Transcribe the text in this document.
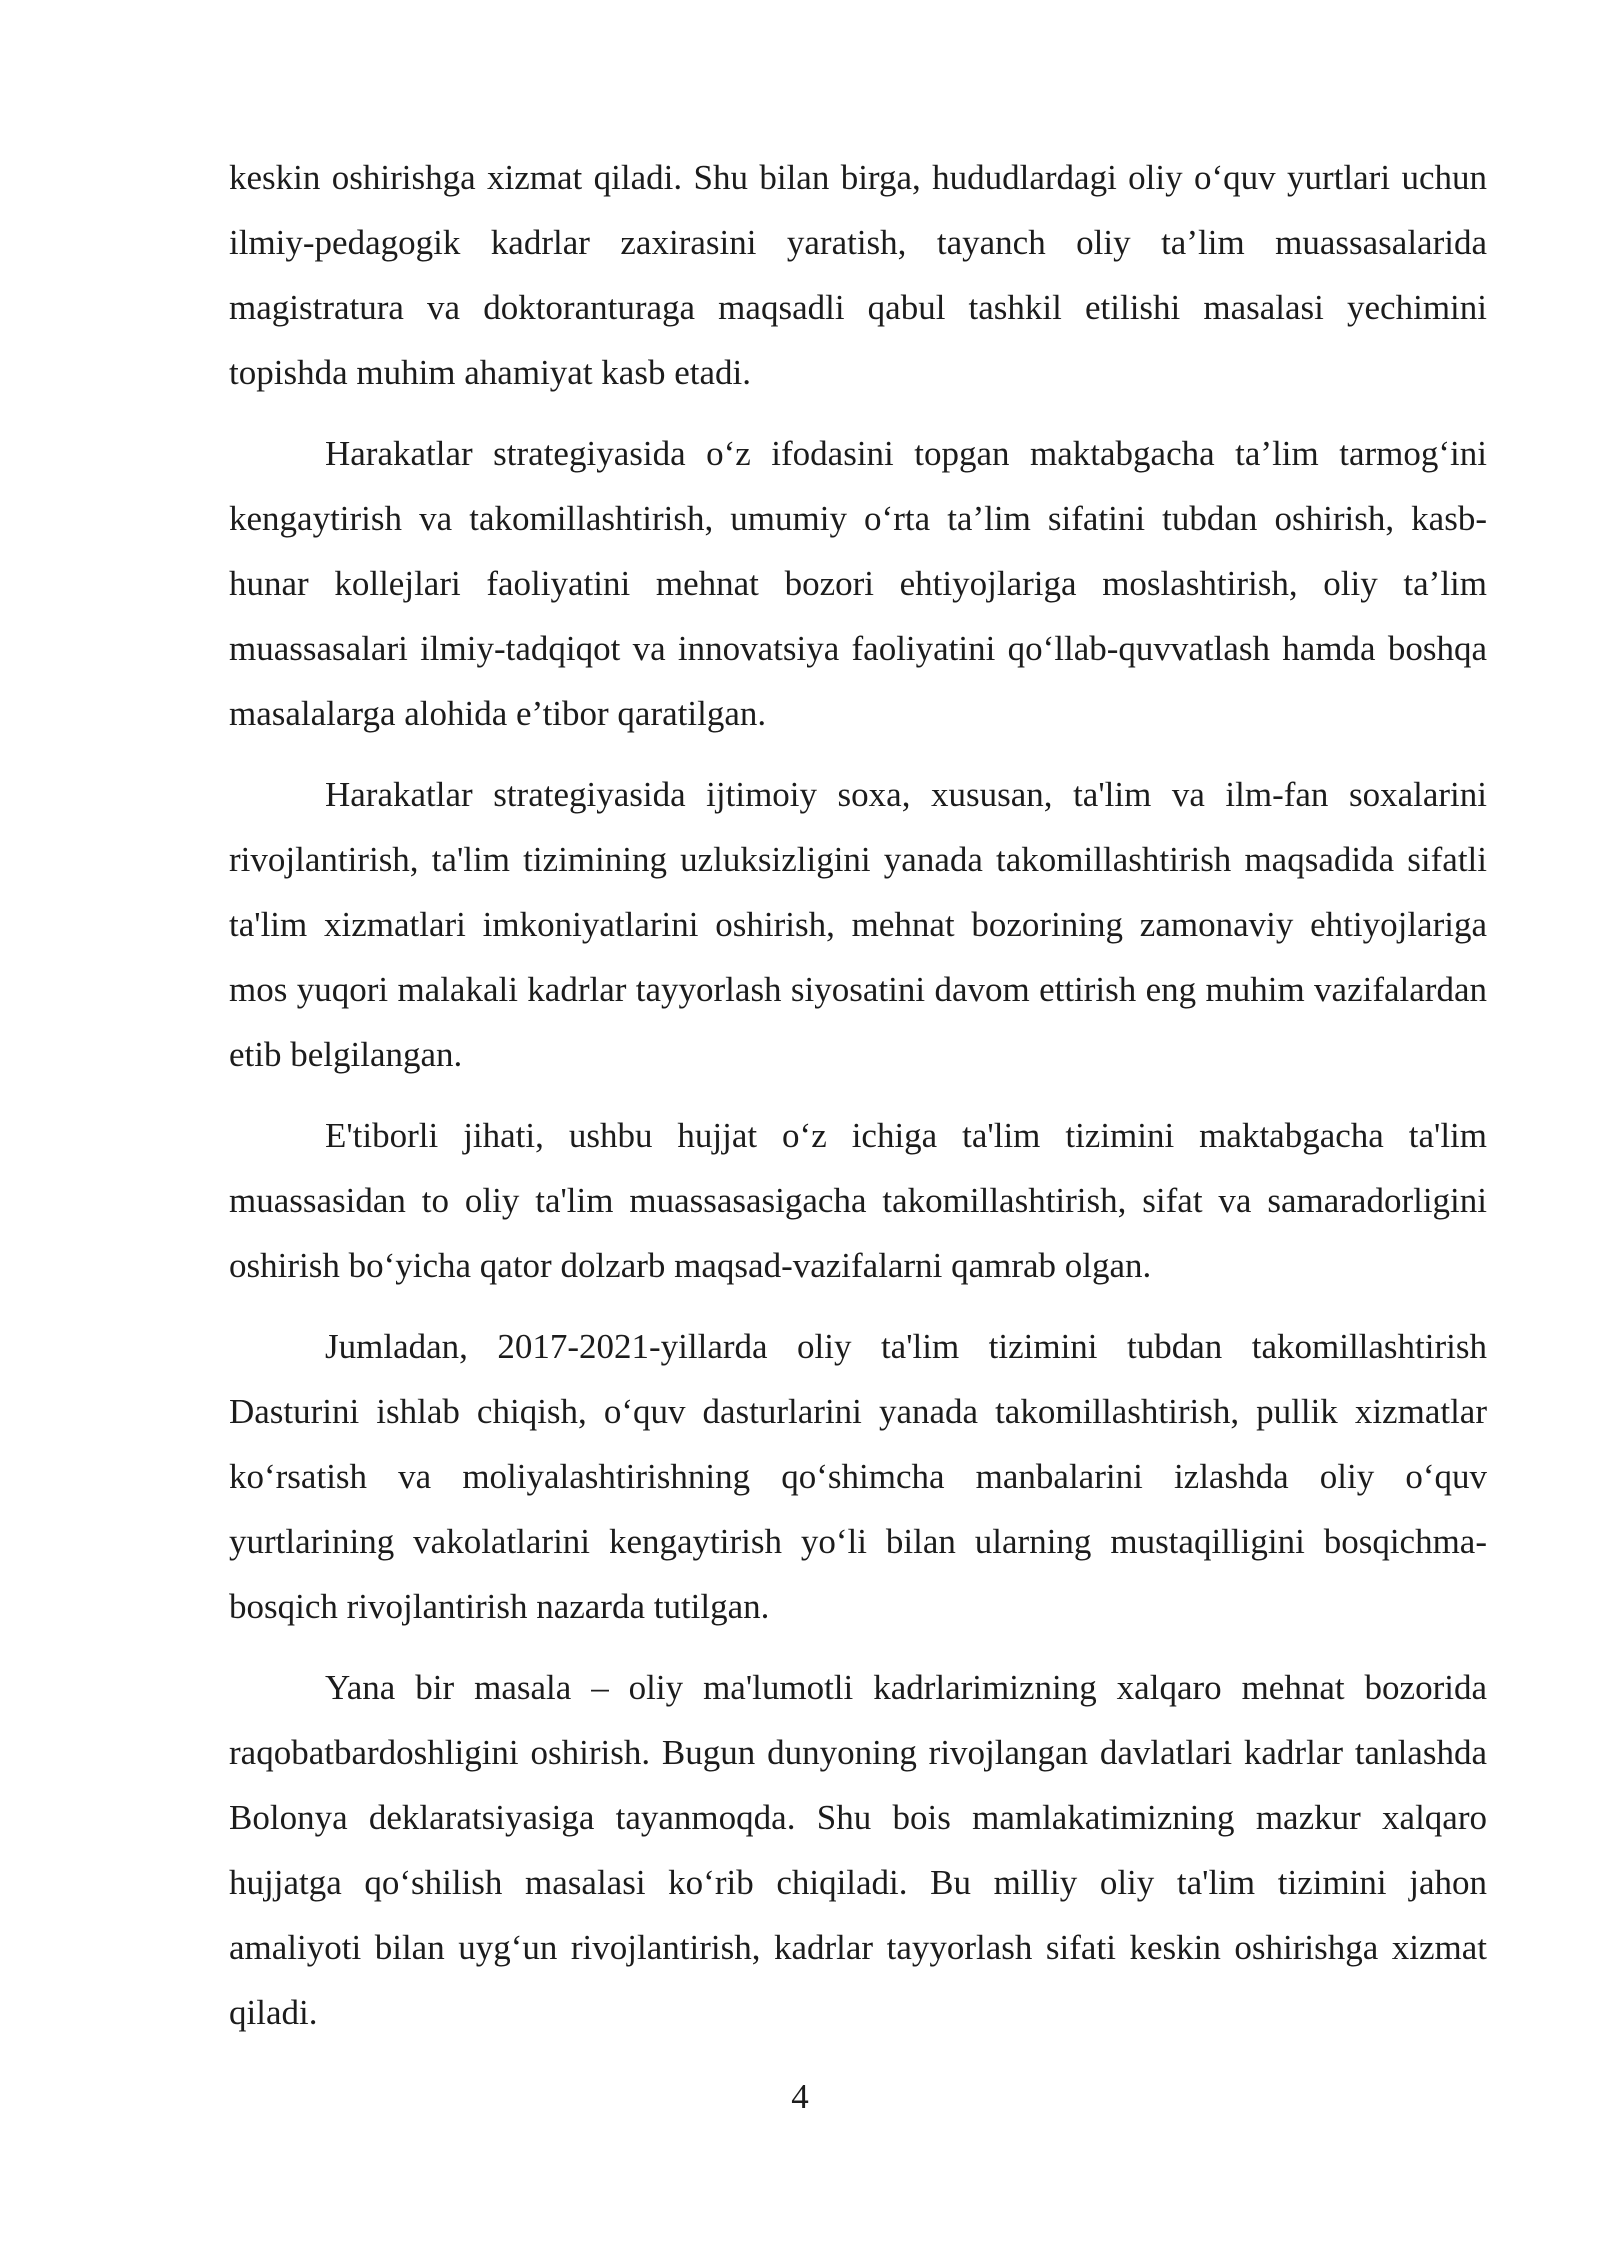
keskin oshirishga xizmat qiladi. Shu bilan birga, hududlardagi oliy o‘quv yurtlari uchun ilmiy-pedagogik kadrlar zaxirasini yaratish, tayanch oliy ta’lim muassasalarida magistratura va doktoranturaga maqsadli qabul tashkil etilishi masalasi yechimini topishda muhim ahamiyat kasb etadi.

Harakatlar strategiyasida o‘z ifodasini topgan maktabgacha ta’lim tarmog‘ini kengaytirish va takomillashtirish, umumiy o‘rta ta’lim sifatini tubdan oshirish, kasb-hunar kollejlari faoliyatini mehnat bozori ehtiyojlariga moslashtirish, oliy ta’lim muassasalari ilmiy-tadqiqot va innovatsiya faoliyatini qo‘llab-quvvatlash hamda boshqa masalalarga alohida e’tibor qaratilgan.

Harakatlar strategiyasida ijtimoiy soxa, xususan, ta'lim va ilm-fan soxalarini rivojlantirish, ta'lim tizimining uzluksizligini yanada takomillashtirish maqsadida sifatli ta'lim xizmatlari imkoniyatlarini oshirish, mehnat bozorining zamonaviy ehtiyojlariga mos yuqori malakali kadrlar tayyorlash siyosatini davom ettirish eng muhim vazifalardan etib belgilangan.

E'tiborli jihati, ushbu hujjat o‘z ichiga ta'lim tizimini maktabgacha ta'lim muassasidan to oliy ta'lim muassasasigacha takomillashtirish, sifat va samaradorligini oshirish bo‘yicha qator dolzarb maqsad-vazifalarni qamrab olgan.

Jumladan, 2017-2021-yillarda oliy ta'lim tizimini tubdan takomillashtirish Dasturini ishlab chiqish, o‘quv dasturlarini yanada takomillashtirish, pullik xizmatlar ko‘rsatish va moliyalashtirishning qo‘shimcha manbalarini izlashda oliy o‘quv yurtlarining vakolatlarini kengaytirish yo‘li bilan ularning mustaqilligini bosqichma-bosqich rivojlantirish nazarda tutilgan.

Yana bir masala – oliy ma'lumotli kadrlarimizning xalqaro mehnat bozorida raqobatbardoshligini oshirish. Bugun dunyoning rivojlangan davlatlari kadrlar tanlashda Bolonya deklaratsiyasiga tayanmoqda. Shu bois mamlakatimizning mazkur xalqaro hujjatga qo‘shilish masalasi ko‘rib chiqiladi. Bu milliy oliy ta'lim tizimini jahon amaliyoti bilan uyg‘un rivojlantirish, kadrlar tayyorlash sifati keskin oshirishga xizmat qiladi.

4
